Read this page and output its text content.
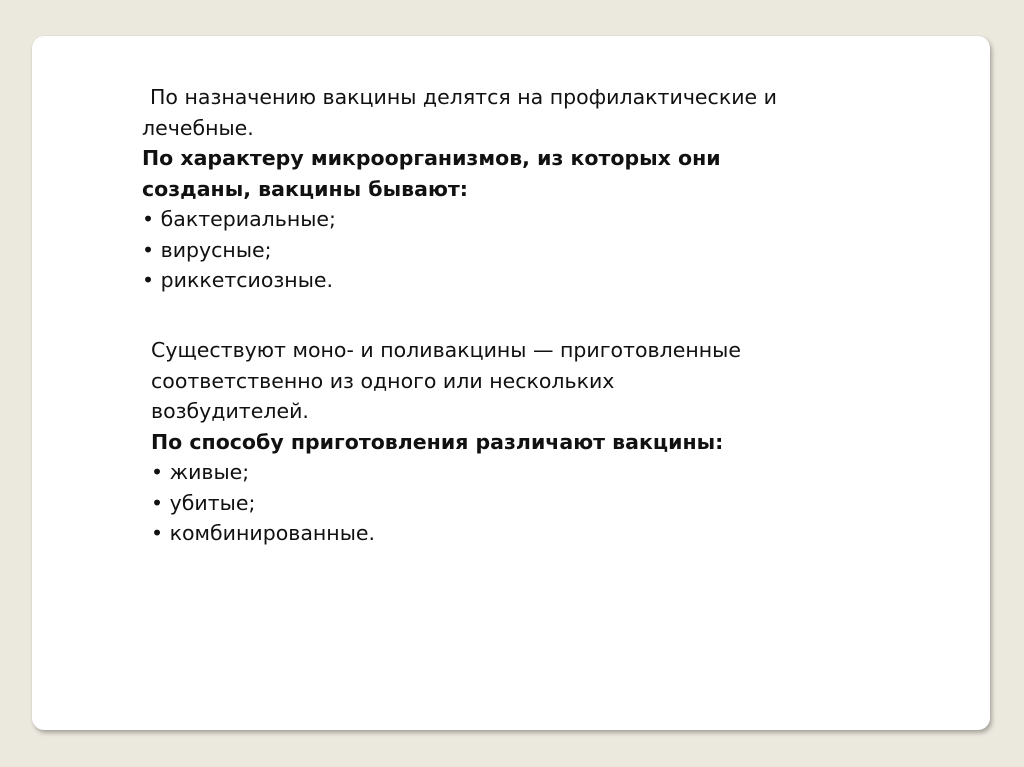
По назначению вакцины делятся на профилактические и
лечебные.
По характеру микроорганизмов, из которых они
созданы, вакцины бывают:
• бактериальные;
• вирусные;
• риккетсиозные.
Существуют моно- и поливакцины — приготовленные
соответственно из одного или нескольких
возбудителей.
По способу приготовления различают вакцины:
• живые;
• убитые;
• комбинированные.
